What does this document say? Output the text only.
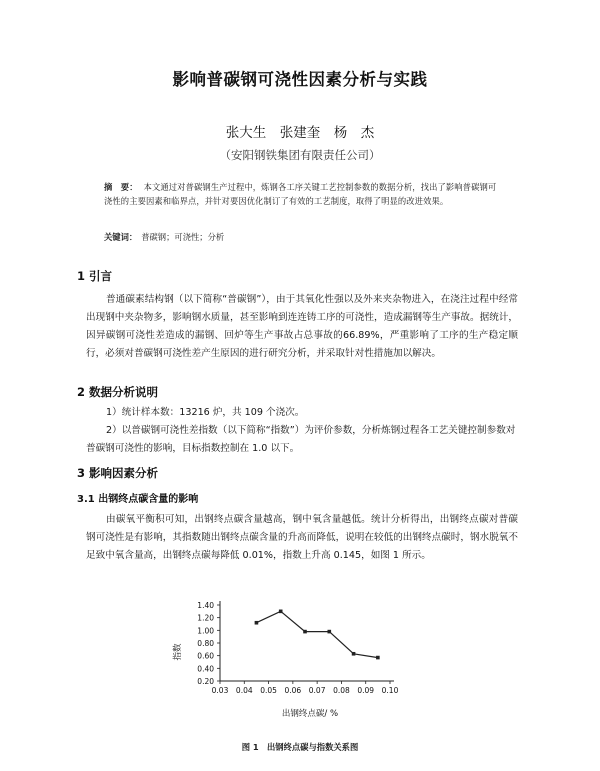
影响普碳钢可浇性因素分析与实践
张大生　张建奎　杨　杰
（安阳钢铁集团有限责任公司）
摘　要： 本文通过对普碳钢生产过程中，炼钢各工序关键工艺控制参数的数据分析，找出了影响普碳钢可浇性的主要因素和临界点，并针对要因优化制订了有效的工艺制度，取得了明显的改进效果。
关键词： 普碳钢；可浇性；分析
1 引言
普通碳素结构钢（以下简称“普碳钢”），由于其氧化性强以及外来夹杂物进入，在浇注过程中经常出现钢中夹杂物多，影响钢水质量，甚至影响到连连铸工序的可浇性，造成漏钢等生产事故。据统计，因异碳钢可浇性差造成的漏钢、回炉等生产事故占总事故的66.89%，严重影响了工序的生产稳定顺行，必须对普碳钢可浇性差产生原因的进行研究分析，并采取针对性措施加以解决。
2 数据分析说明
1）统计样本数：13216 炉，共 109 个浇次。
2）以普碳钢可浇性差指数（以下简称“指数”）为评价参数，分析炼钢过程各工艺关键控制参数对普碳钢可浇性的影响，目标指数控制在 1.0 以下。
3 影响因素分析
3.1 出钢终点碳含量的影响
由碳氧平衡积可知，出钢终点碳含量越高，钢中氧含量越低。统计分析得出，出钢终点碳对普碳钢可浇性是有影响，其指数随出钢终点碳含量的升高而降低，说明在较低的出钢终点碳时，钢水脱氧不足致中氧含量高，出钢终点碳每降低 0.01%，指数上升高 0.145，如图 1 所示。
0.20
0.40
0.60
0.80
1.00
1.20
1.40
0.03 0.04 0.05 0.06 0.07 0.08 0.09 0.10
指数
出钢终点碳/ %
图 1　出钢终点碳与指数关系图
